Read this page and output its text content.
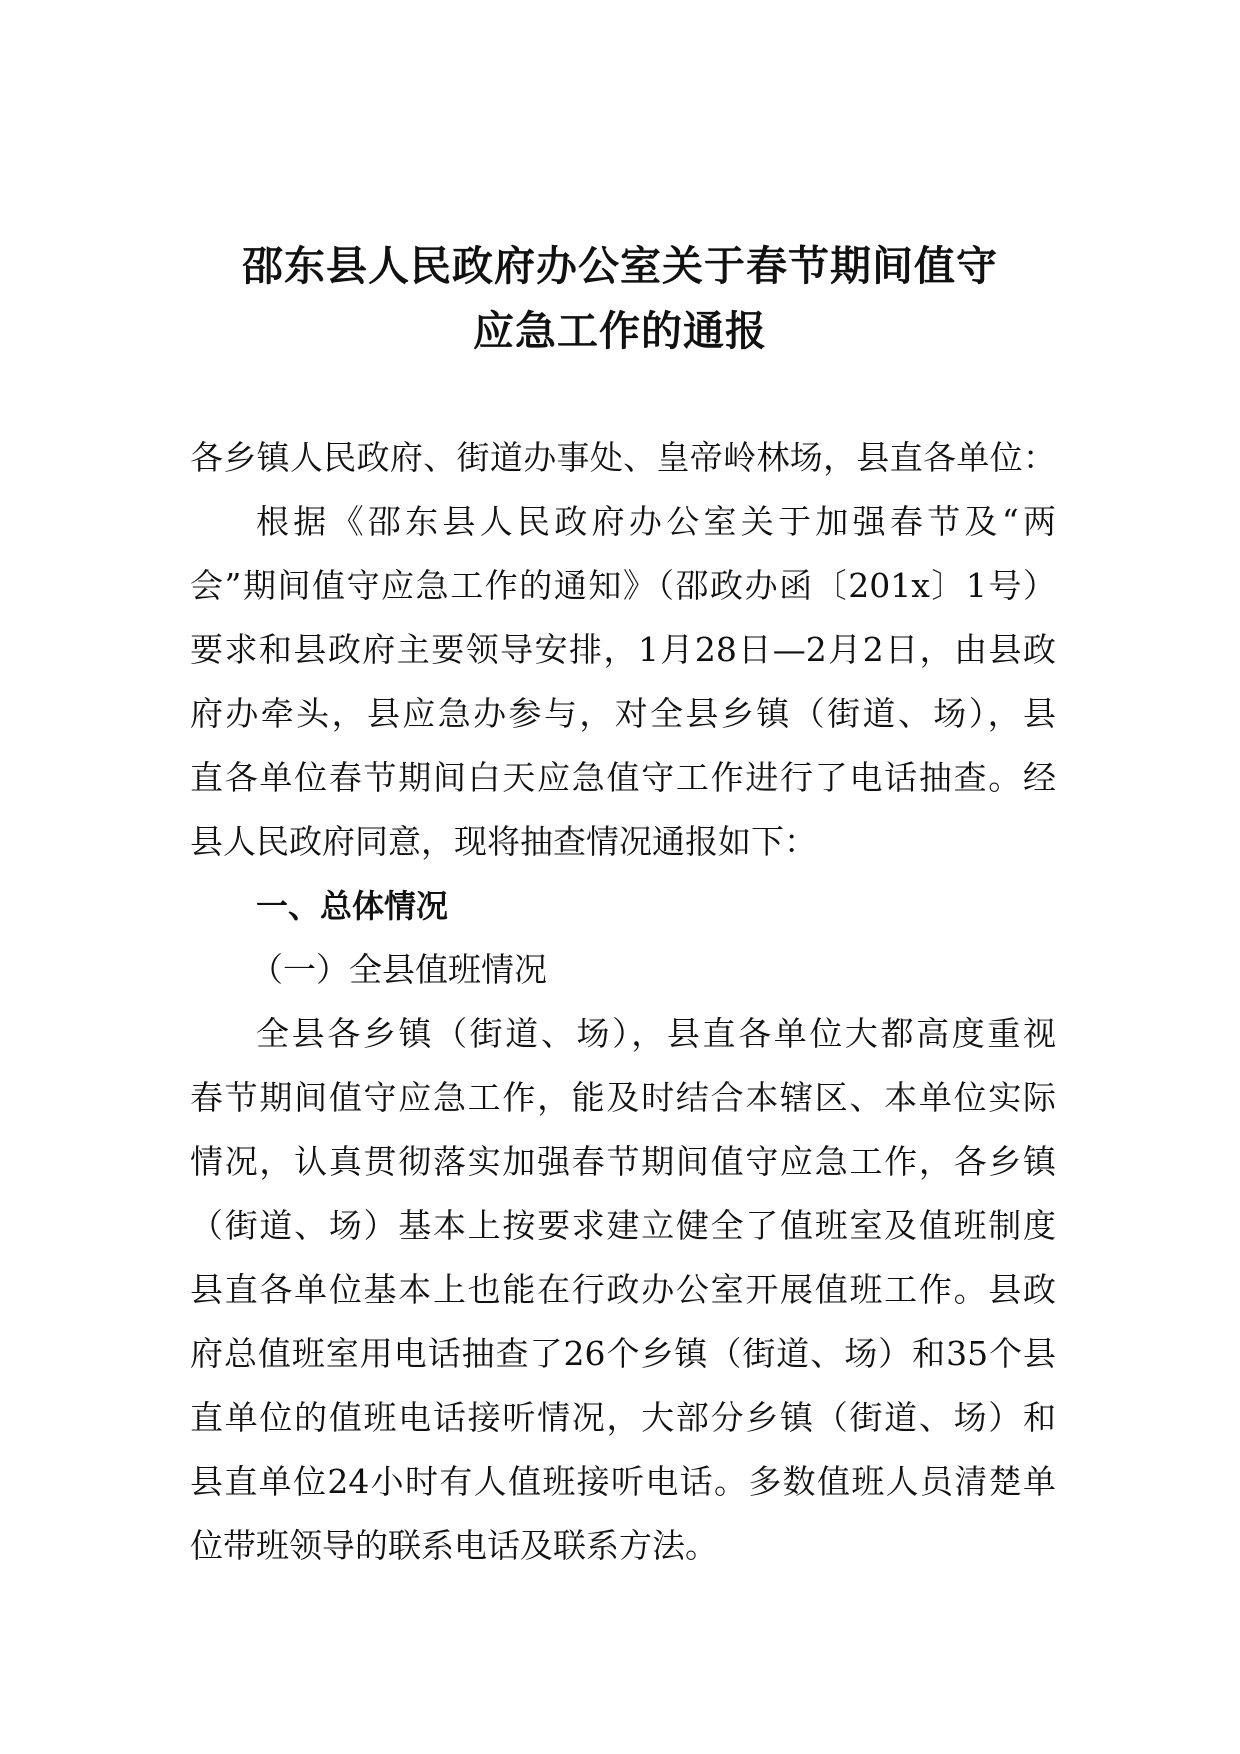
邵东县人民政府办公室关于春节期间值守
应急工作的通报
各乡镇人民政府、街道办事处、皇帝岭林场，县直各单位：
根据《邵东县人民政府办公室关于加强春节及“两
会”期间值守应急工作的通知》（邵政办函〔201x〕1号）
要求和县政府主要领导安排，1月28日—2月2日，由县政
府办牵头，县应急办参与，对全县乡镇（街道、场），县
直各单位春节期间白天应急值守工作进行了电话抽查。经
县人民政府同意，现将抽查情况通报如下：
一、总体情况
（一）全县值班情况
全县各乡镇（街道、场），县直各单位大都高度重视
春节期间值守应急工作，能及时结合本辖区、本单位实际
情况，认真贯彻落实加强春节期间值守应急工作，各乡镇
（街道、场）基本上按要求建立健全了值班室及值班制度
县直各单位基本上也能在行政办公室开展值班工作。县政
府总值班室用电话抽查了26个乡镇（街道、场）和35个县
直单位的值班电话接听情况，大部分乡镇（街道、场）和
县直单位24小时有人值班接听电话。多数值班人员清楚单
位带班领导的联系电话及联系方法。
